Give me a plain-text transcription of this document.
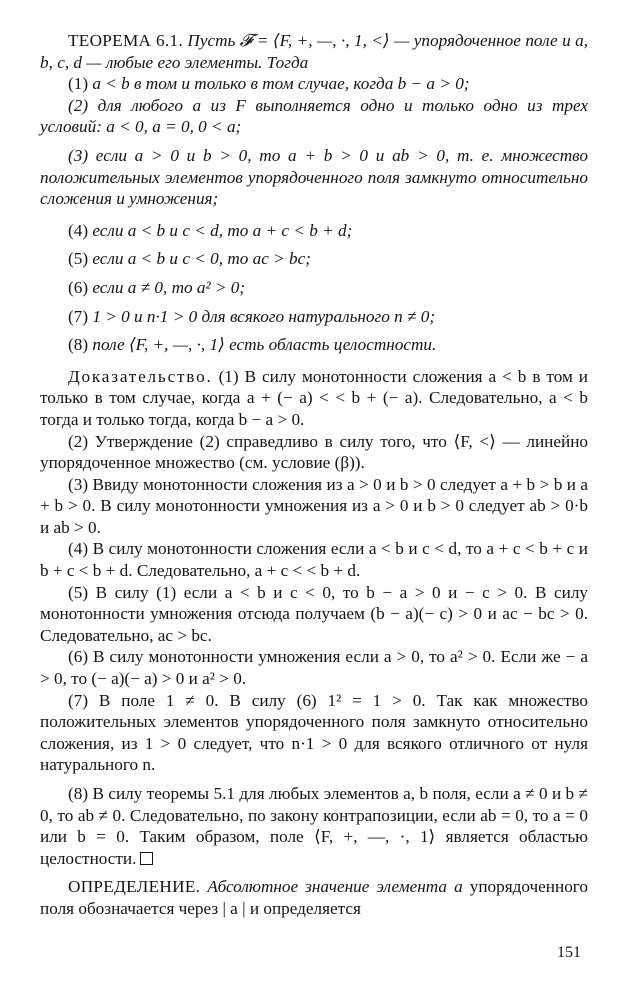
ТЕОРЕМА 6.1. Пусть 𝓕 = ⟨F, +, —, ·, 1, <⟩ — упорядоченное поле и a, b, c, d — любые его элементы. Тогда

(1) a < b в том и только в том случае, когда b − a > 0;

(2) для любого a из F выполняется одно и только одно из трех условий: a < 0, a = 0, 0 < a;

(3) если a > 0 и b > 0, то a + b > 0 и ab > 0, т. е. множество положительных элементов упорядоченного поля замкнуто относительно сложения и умножения;

(4) если a < b и c < d, то a + c < b + d;

(5) если a < b и c < 0, то ac > bc;

(6) если a ≠ 0, то a² > 0;

(7) 1 > 0 и n·1 > 0 для всякого натурального n ≠ 0;

(8) поле ⟨F, +, —, ·, 1⟩ есть область целостности.

Доказательство. (1) В силу монотонности сложения a < b в том и только в том случае, когда a + (− a) < < b + (− a). Следовательно, a < b тогда и только тогда, когда b − a > 0.

(2) Утверждение (2) справедливо в силу того, что ⟨F, <⟩ — линейно упорядоченное множество (см. условие (β)).

(3) Ввиду монотонности сложения из a > 0 и b > 0 следует a + b > b и a + b > 0. В силу монотонности умножения из a > 0 и b > 0 следует ab > 0·b и ab > 0.

(4) В силу монотонности сложения если a < b и c < d, то a + c < b + c и b + c < b + d. Следовательно, a + c < < b + d.

(5) В силу (1) если a < b и c < 0, то b − a > 0 и − c > 0. В силу монотонности умножения отсюда получаем (b − a)(− c) > 0 и ac − bc > 0. Следовательно, ac > bc.

(6) В силу монотонности умножения если a > 0, то a² > 0. Если же − a > 0, то (− a)(− a) > 0 и a² > 0.

(7) В поле 1 ≠ 0. В силу (6) 1² = 1 > 0. Так как множество положительных элементов упорядоченного поля замкнуто относительно сложения, из 1 > 0 следует, что n·1 > 0 для всякого отличного от нуля натурального n.

(8) В силу теоремы 5.1 для любых элементов a, b поля, если a ≠ 0 и b ≠ 0, то ab ≠ 0. Следовательно, по закону контрапозиции, если ab = 0, то a = 0 или b = 0. Таким образом, поле ⟨F, +, —, ·, 1⟩ является областью целостности.

ОПРЕДЕЛЕНИЕ. Абсолютное значение элемента a упорядоченного поля обозначается через | a | и определяется

151
